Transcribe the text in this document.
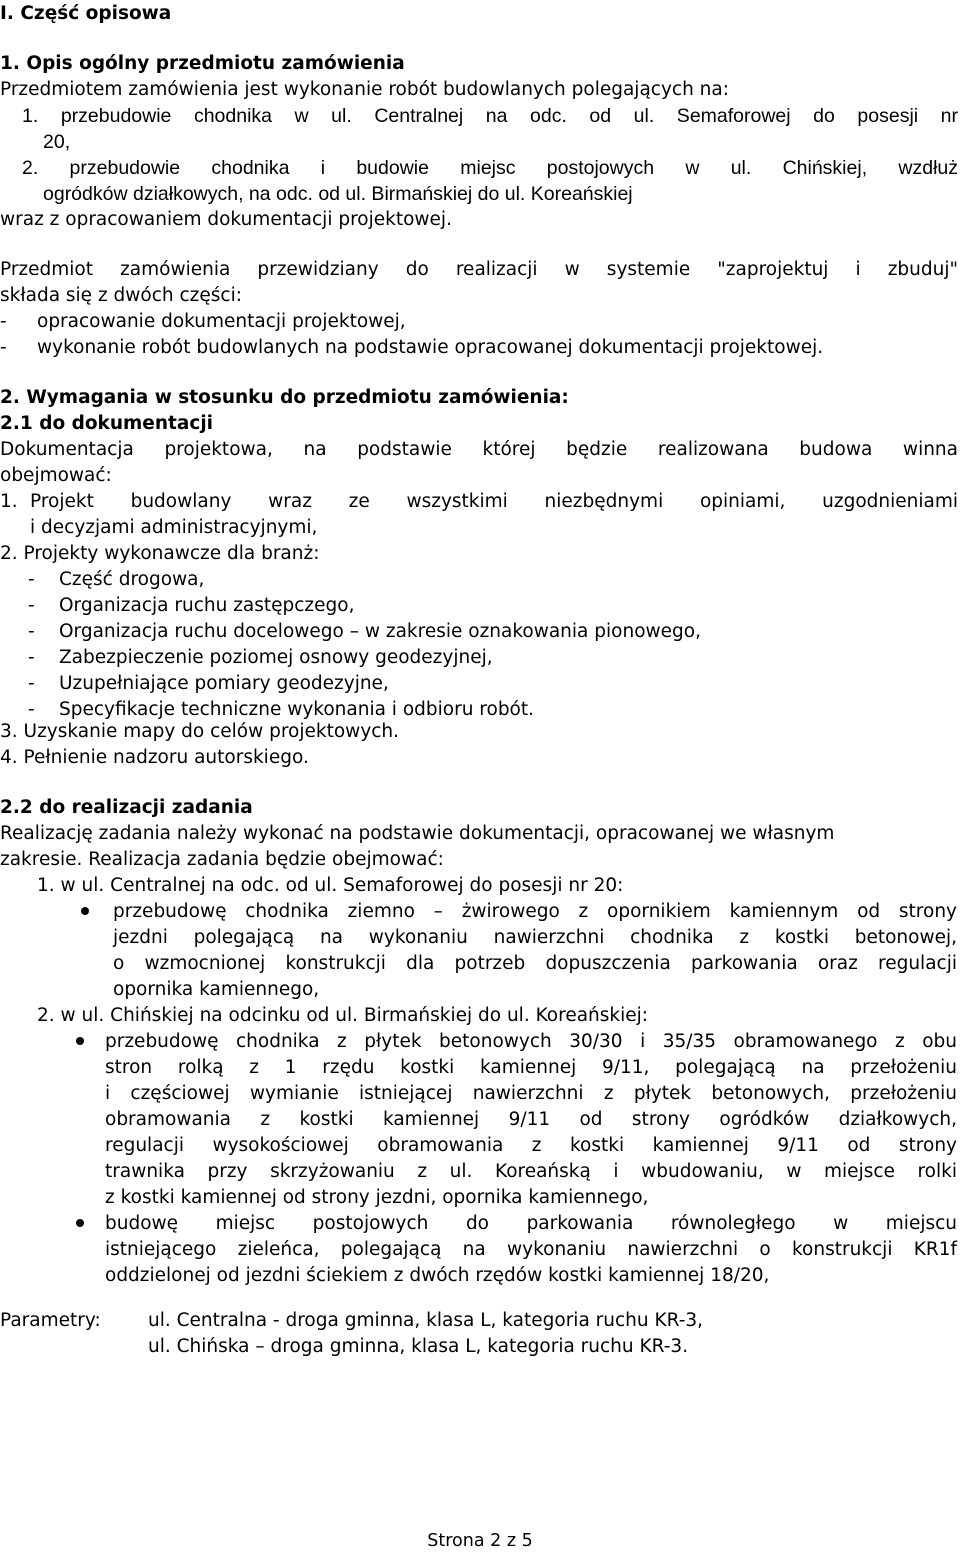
I. Część opisowa
1. Opis ogólny przedmiotu zamówienia
Przedmiotem zamówienia jest wykonanie robót budowlanych polegających na:
1. przebudowie chodnika w ul. Centralnej na odc. od ul. Semaforowej do posesji nr
20,
2. przebudowie chodnika i budowie miejsc postojowych w ul. Chińskiej, wzdłuż
ogródków działkowych, na odc. od ul. Birmańskiej do ul. Koreańskiej
wraz z opracowaniem dokumentacji projektowej.
Przedmiot zamówienia przewidziany do realizacji w systemie "zaprojektuj i zbuduj"
składa się z dwóch części:
-	opracowanie dokumentacji projektowej,
-	wykonanie robót budowlanych na podstawie opracowanej dokumentacji projektowej.
2. Wymagania w stosunku do przedmiotu zamówienia:
2.1 do dokumentacji
Dokumentacja projektowa, na podstawie której będzie realizowana budowa winna
obejmować:
1. Projekt budowlany wraz ze wszystkimi niezbędnymi opiniami, uzgodnieniami
i decyzjami administracyjnymi,
2. Projekty wykonawcze dla branż:
-	Część drogowa,
-	Organizacja ruchu zastępczego,
-	Organizacja ruchu docelowego – w zakresie oznakowania pionowego,
-	Zabezpieczenie poziomej osnowy geodezyjnej,
-	Uzupełniające pomiary geodezyjne,
-	Specyfikacje techniczne wykonania i odbioru robót.
3. Uzyskanie mapy do celów projektowych.
4. Pełnienie nadzoru autorskiego.
2.2 do realizacji zadania
Realizację zadania należy wykonać na podstawie dokumentacji, opracowanej we własnym
zakresie. Realizacja zadania będzie obejmować:
1. w ul. Centralnej na odc. od ul. Semaforowej do posesji nr 20:
przebudowę chodnika ziemno – żwirowego z opornikiem kamiennym od strony
jezdni polegającą na wykonaniu nawierzchni chodnika z kostki betonowej,
o wzmocnionej konstrukcji dla potrzeb dopuszczenia parkowania oraz regulacji
opornika kamiennego,
2. w ul. Chińskiej na odcinku od ul. Birmańskiej do ul. Koreańskiej:
przebudowę chodnika z płytek betonowych 30/30 i 35/35 obramowanego z obu
stron rolką z 1 rzędu kostki kamiennej 9/11, polegającą na przełożeniu
i częściowej wymianie istniejącej nawierzchni z płytek betonowych, przełożeniu
obramowania z kostki kamiennej 9/11 od strony ogródków działkowych,
regulacji wysokościowej obramowania z kostki kamiennej 9/11 od strony
trawnika przy skrzyżowaniu z ul. Koreańską i wbudowaniu, w miejsce rolki
z kostki kamiennej od strony jezdni, opornika kamiennego,
budowę miejsc postojowych do parkowania równoległego w miejscu
istniejącego zieleńca, polegającą na wykonaniu nawierzchni o konstrukcji KR1f
oddzielonej od jezdni ściekiem z dwóch rzędów kostki kamiennej 18/20,
Parametry:	ul. Centralna - droga gminna, klasa L, kategoria ruchu KR-3,
ul. Chińska – droga gminna, klasa L, kategoria ruchu KR-3.
Strona 2 z 5
